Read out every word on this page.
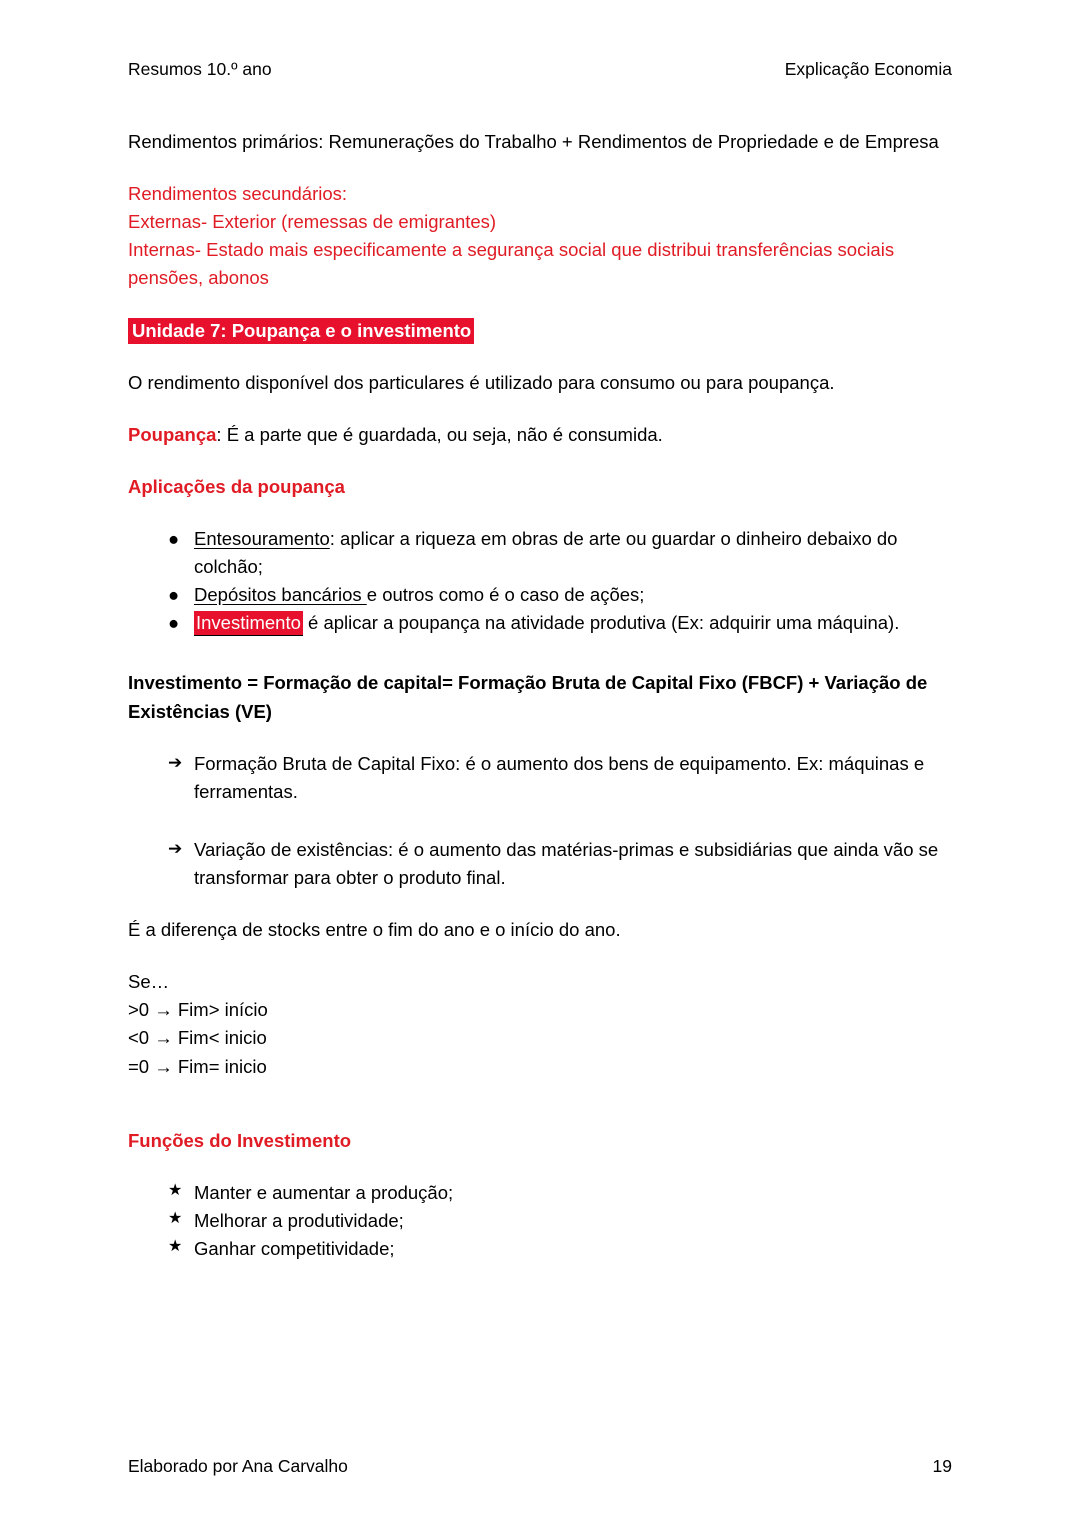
Resumos 10.º ano	Explicação Economia

Rendimentos primários: Remunerações do Trabalho + Rendimentos de Propriedade e de Empresa

Rendimentos secundários:

Externas- Exterior (remessas de emigrantes)

Internas- Estado mais especificamente a segurança social que distribui transferências sociais

pensões, abonos

Unidade 7: Poupança e o investimento

O rendimento disponível dos particulares é utilizado para consumo ou para poupança.

Poupança: É a parte que é guardada, ou seja, não é consumida.

Aplicações da poupança

● Entesouramento: aplicar a riqueza em obras de arte ou guardar o dinheiro debaixo do colchão;
● Depósitos bancários e outros como é o caso de ações;
● Investimento é aplicar a poupança na atividade produtiva (Ex: adquirir uma máquina).

Investimento = Formação de capital= Formação Bruta de Capital Fixo (FBCF) + Variação de Existências (VE)

➔ Formação Bruta de Capital Fixo: é o aumento dos bens de equipamento. Ex: máquinas e ferramentas.
➔ Variação de existências: é o aumento das matérias-primas e subsidiárias que ainda vão se transformar para obter o produto final.

É a diferença de stocks entre o fim do ano e o início do ano.

Se…

>0 → Fim> início

<0 → Fim< inicio

=0 → Fim= inicio

Funções do Investimento

★ Manter e aumentar a produção;
★ Melhorar a produtividade;
★ Ganhar competitividade;
Elaborado por Ana Carvalho	19
